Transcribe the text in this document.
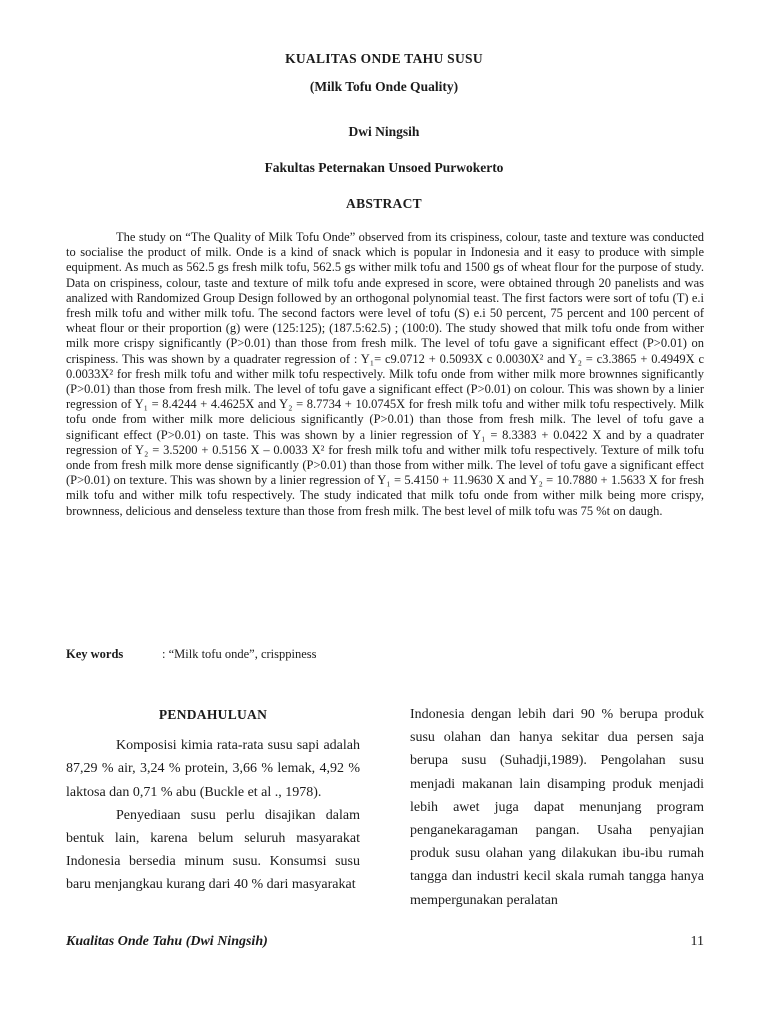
KUALITAS ONDE TAHU SUSU
(Milk Tofu Onde Quality)
Dwi Ningsih
Fakultas Peternakan Unsoed Purwokerto
ABSTRACT

The study on “The Quality of Milk Tofu Onde” observed from its crispiness, colour, taste and texture was conducted to socialise the product of milk. Onde is a kind of snack which is popular in Indonesia and it easy to produce with simple equipment. As much as 562.5 gs fresh milk tofu, 562.5 gs wither milk tofu and 1500 gs of wheat flour for the purpose of study. Data on crispiness, colour, taste and texture of milk tofu ande expresed in score, were obtained through 20 panelists and was analized with Randomized Group Design followed by an orthogonal polynomial teast. The first factors were sort of tofu (T) e.i fresh milk tofu and wither milk tofu. The second factors were level of tofu (S) e.i 50 percent, 75 percent and 100 percent of wheat flour or their proportion (g) were (125:125); (187.5:62.5) ; (100:0). The study showed that milk tofu onde from wither milk more crispy significantly (P>0.01) than those from fresh milk. The level of tofu gave a significant effect (P>0.01) on crispiness. This was shown by a quadrater regression of : Y₁= c9.0712 + 0.5093X c 0.0030X² and Y₂ = c3.3865 + 0.4949X c 0.0033X² for fresh milk tofu and wither milk tofu respectively. Milk tofu onde from wither milk more brownnes significantly (P>0.01) than those from fresh milk. The level of tofu gave a significant effect (P>0.01) on colour. This was shown by a linier regression of Y₁ = 8.4244 + 4.4625X and Y₂ = 8.7734 + 10.0745X for fresh milk tofu and wither milk tofu respectively. Milk tofu onde from wither milk more delicious significantly (P>0.01) than those from fresh milk. The level of tofu gave a significant effect (P>0.01) on taste. This was shown by a linier regression of Y₁ = 8.3383 + 0.0422 X and by a quadrater regression of Y₂ = 3.5200 + 0.5156 X – 0.0033 X² for fresh milk tofu and wither milk tofu respectively. Texture of milk tofu onde from fresh milk more dense significantly (P>0.01) than those from wither milk. The level of tofu gave a significant effect (P>0.01) on texture. This was shown by a linier regression of Y₁ = 5.4150 + 11.9630 X and Y₂ = 10.7880 + 1.5633 X for fresh milk tofu and wither milk tofu respectively. The study indicated that milk tofu onde from wither milk being more crispy, brownness, delicious and denseless texture than those from fresh milk. The best level of milk tofu was 75 %t on daugh.

Key words	: “Milk tofu onde”, crisppiness
PENDAHULUAN

Komposisi kimia rata-rata susu sapi adalah 87,29 % air, 3,24 % protein, 3,66 % lemak, 4,92 % laktosa dan 0,71 % abu (Buckle et al ., 1978).

Penyediaan susu perlu disajikan dalam bentuk lain, karena belum seluruh masyarakat Indonesia bersedia minum susu. Konsumsi susu baru menjangkau kurang dari 40 % dari masyarakat

Indonesia dengan lebih dari 90 % berupa produk susu olahan dan hanya sekitar dua persen saja berupa susu (Suhadji,1989). Pengolahan susu menjadi makanan lain disamping produk menjadi lebih awet juga dapat menunjang program penganekaragaman pangan. Usaha penyajian produk susu olahan yang dilakukan ibu-ibu rumah tangga dan industri kecil skala rumah tangga hanya mempergunakan peralatan

Kualitas Onde Tahu (Dwi Ningsih)	11
